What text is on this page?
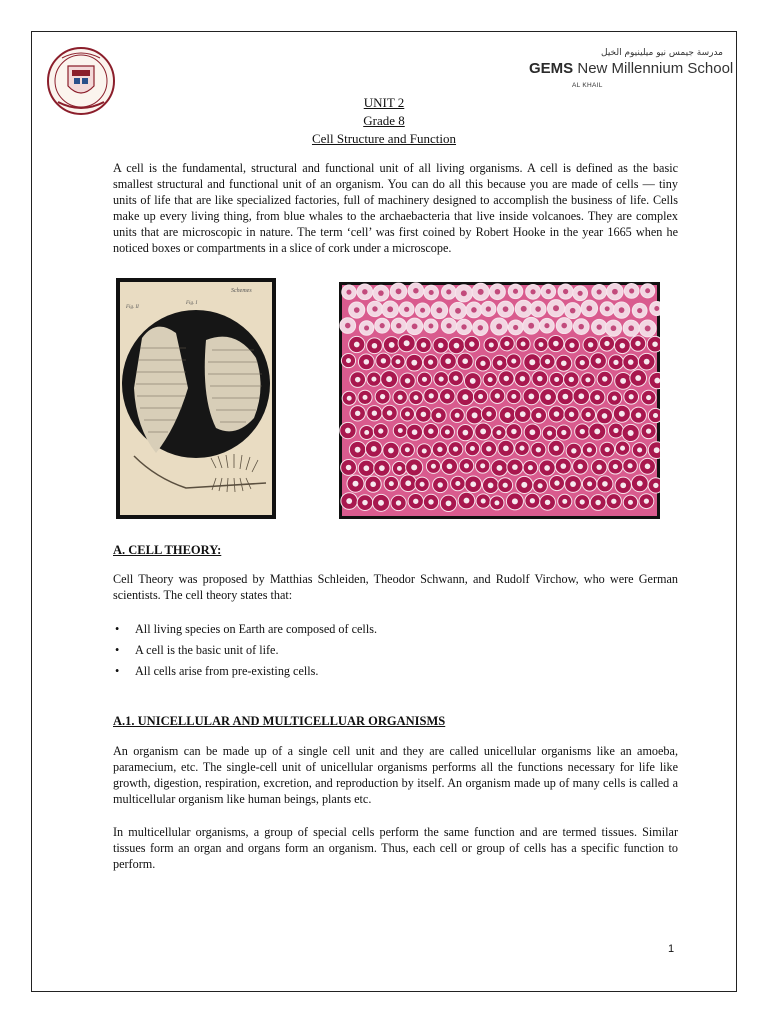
مدرسة جيمس نيو ميلينيوم الخيل
GEMS New Millennium School
AL KHAIL
UNIT 2
Grade 8
Cell Structure and Function

A cell is the fundamental, structural and functional unit of all living organisms. A cell is defined as the basic smallest structural and functional unit of an organism. You can do all this because you are made of cells — tiny units of life that are like specialized factories, full of machinery designed to accomplish the business of life. Cells make up every living thing, from blue whales to the archaebacteria that live inside volcanoes. They are complex units that are microscopic in nature. The term ‘cell’ was first coined by Robert Hooke in the year 1665 when he noticed boxes or compartments in a slice of cork under a microscope.

Schemes
Fig. I
Fig. II
A. CELL THEORY:

Cell Theory was proposed by Matthias Schleiden, Theodor Schwann, and Rudolf Virchow, who were German scientists. The cell theory states that:

• All living species on Earth are composed of cells.
• A cell is the basic unit of life.
• All cells arise from pre-existing cells.
A.1. UNICELLULAR AND MULTICELLUAR ORGANISMS

An organism can be made up of a single cell unit and they are called unicellular organisms like an amoeba, paramecium, etc. The single-cell unit of unicellular organisms performs all the functions necessary for life like growth, digestion, respiration, excretion, and reproduction by itself. An organism made up of many cells is called a multicellular organism like human beings, plants etc.

In multicellular organisms, a group of special cells perform the same function and are termed tissues. Similar tissues form an organ and organs form an organism. Thus, each cell or group of cells has a specific function to perform.

1
